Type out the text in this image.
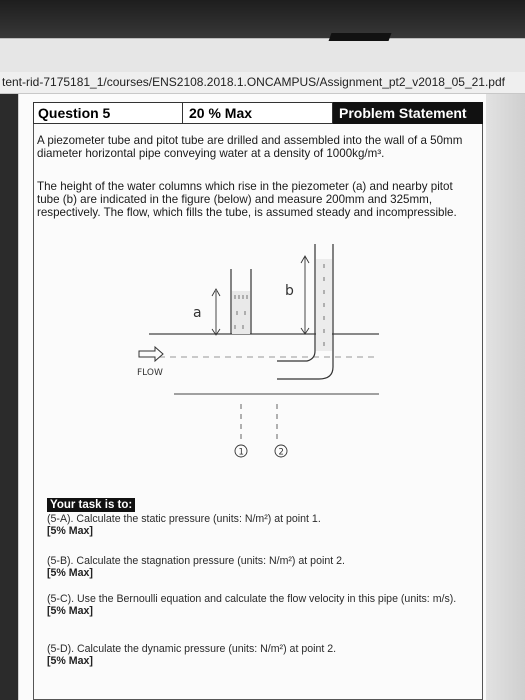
tent-rid-7175181_1/courses/ENS2108.2018.1.ONCAMPUS/Assignment_pt2_v2018_05_21.pdf
Question 5	20 % Max	Problem Statement
A piezometer tube and pitot tube are drilled and assembled into the wall of a 50mm diameter horizontal pipe conveying water at a density of 1000kg/m³.
The height of the water columns which rise in the piezometer (a) and nearby pitot tube (b) are indicated in the figure (below) and measure 200mm and 325mm, respectively. The flow, which fills the tube, is assumed steady and incompressible.
a
b
FLOW
1	2
Your task is to:
(5-A). Calculate the static pressure (units: N/m²) at point 1.
[5% Max]
(5-B). Calculate the stagnation pressure (units: N/m²) at point 2.
[5% Max]
(5-C). Use the Bernoulli equation and calculate the flow velocity in this pipe (units: m/s).
[5% Max]
(5-D). Calculate the dynamic pressure (units: N/m²) at point 2.
[5% Max]
